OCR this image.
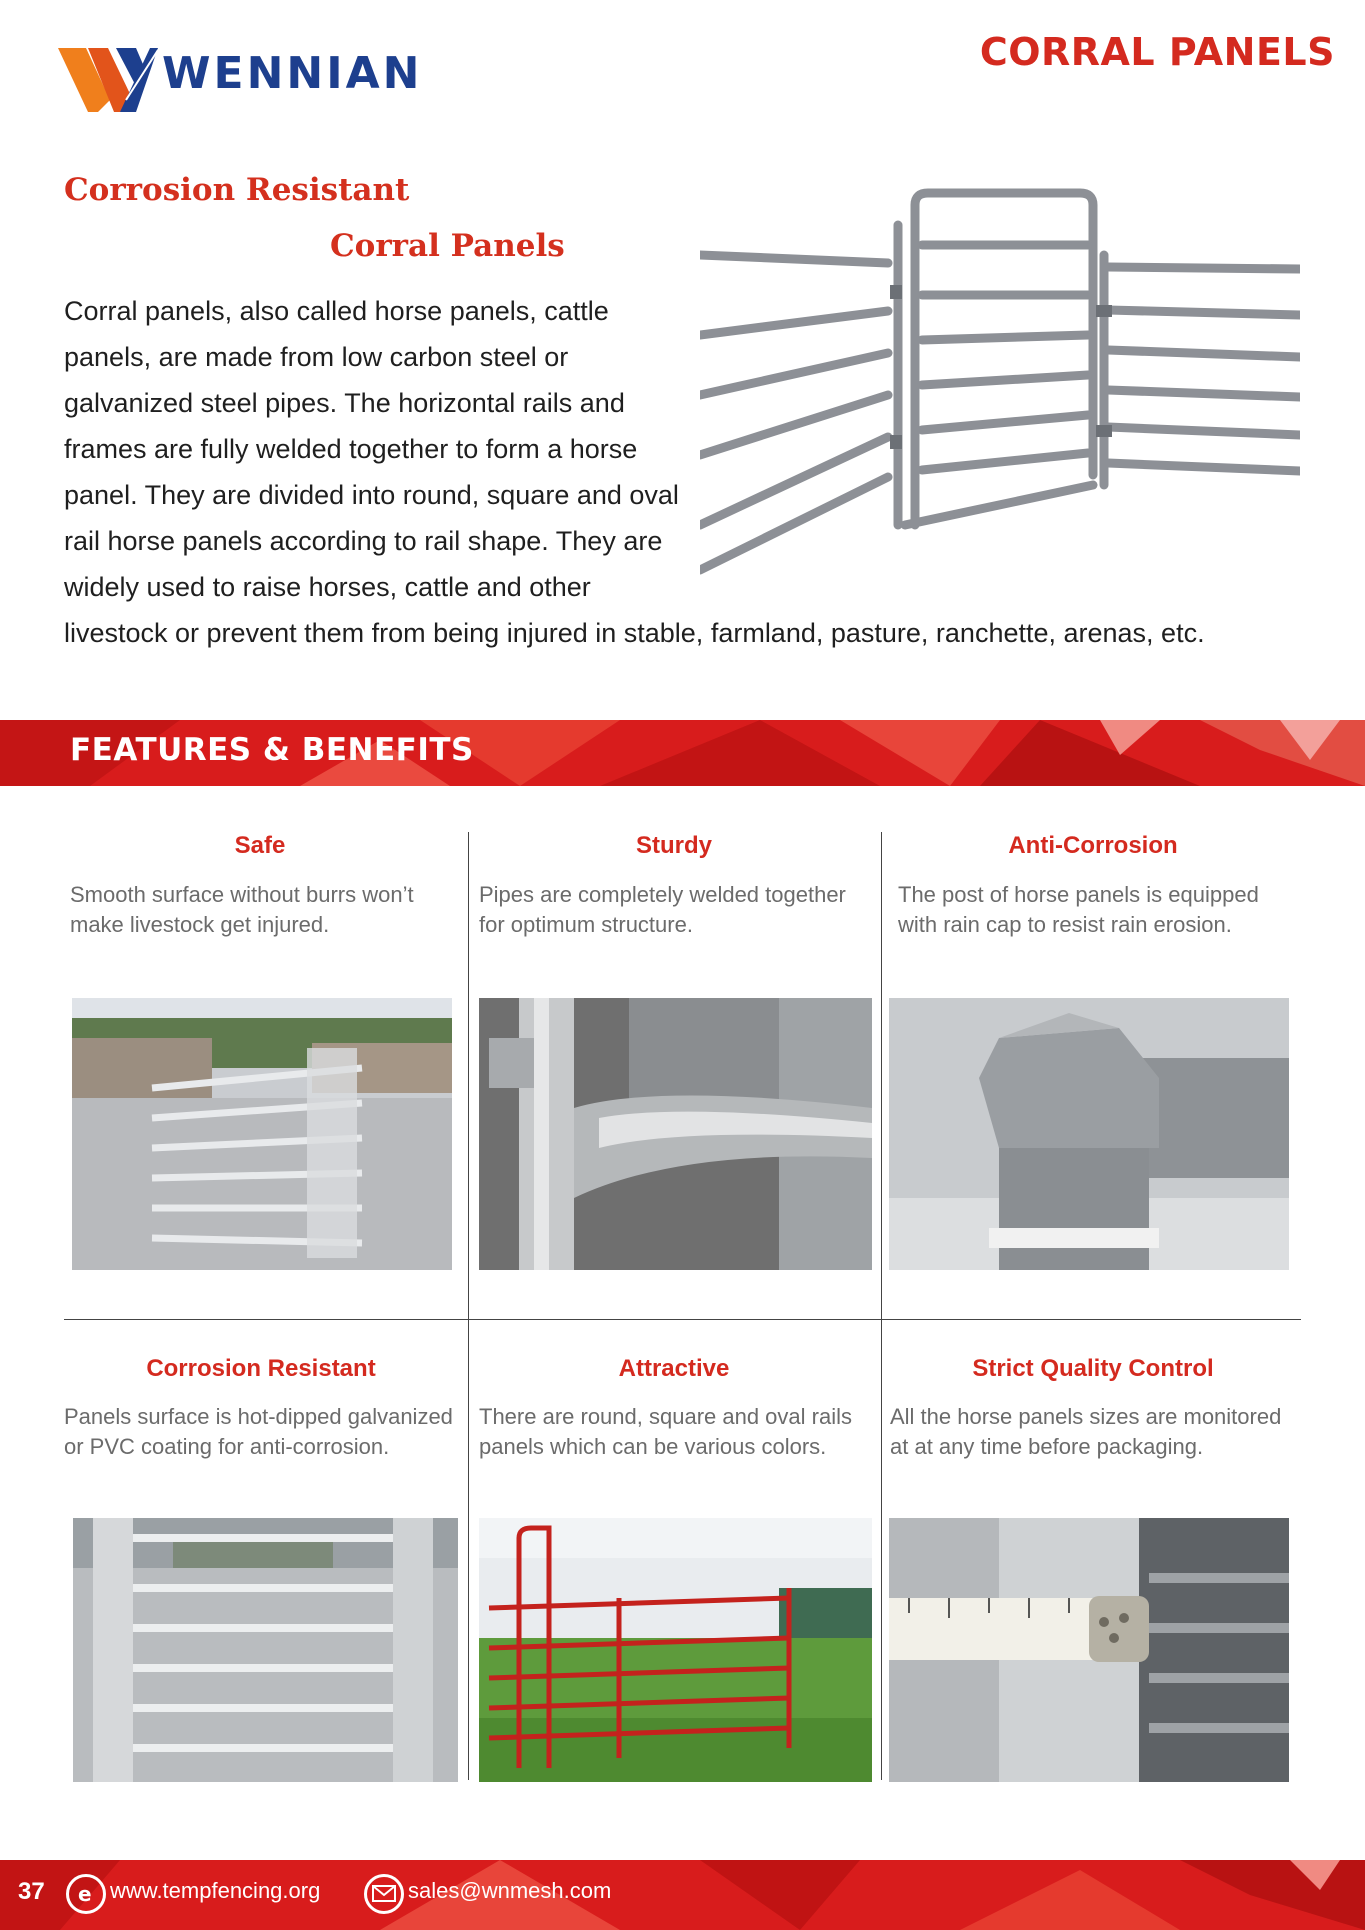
WENNIAN	CORRAL PANELS
Corrosion Resistant
Corral Panels
Corral panels, also called horse panels, cattle panels, are made from low carbon steel or galvanized steel pipes. The horizontal rails and frames are fully welded together to form a horse panel. They are divided into round, square and oval rail horse panels according to rail shape. They are widely used to raise horses, cattle and other livestock or prevent them from being injured in stable, farmland, pasture, ranchette, arenas, etc.
FEATURES & BENEFITS
Safe
Smooth surface without burrs won’t make livestock get injured.
Sturdy
Pipes are completely welded together for optimum structure.
Anti-Corrosion
The post of horse panels is equipped with rain cap to resist rain erosion.
Corrosion Resistant
Panels surface is hot-dipped galvanized or PVC coating for anti-corrosion.
Attractive
There are round, square and oval rails panels which can be various colors.
Strict Quality Control
All the horse panels sizes are monitored at at any time before packaging.
37 e www.tempfencing.org	sales@wnmesh.com
